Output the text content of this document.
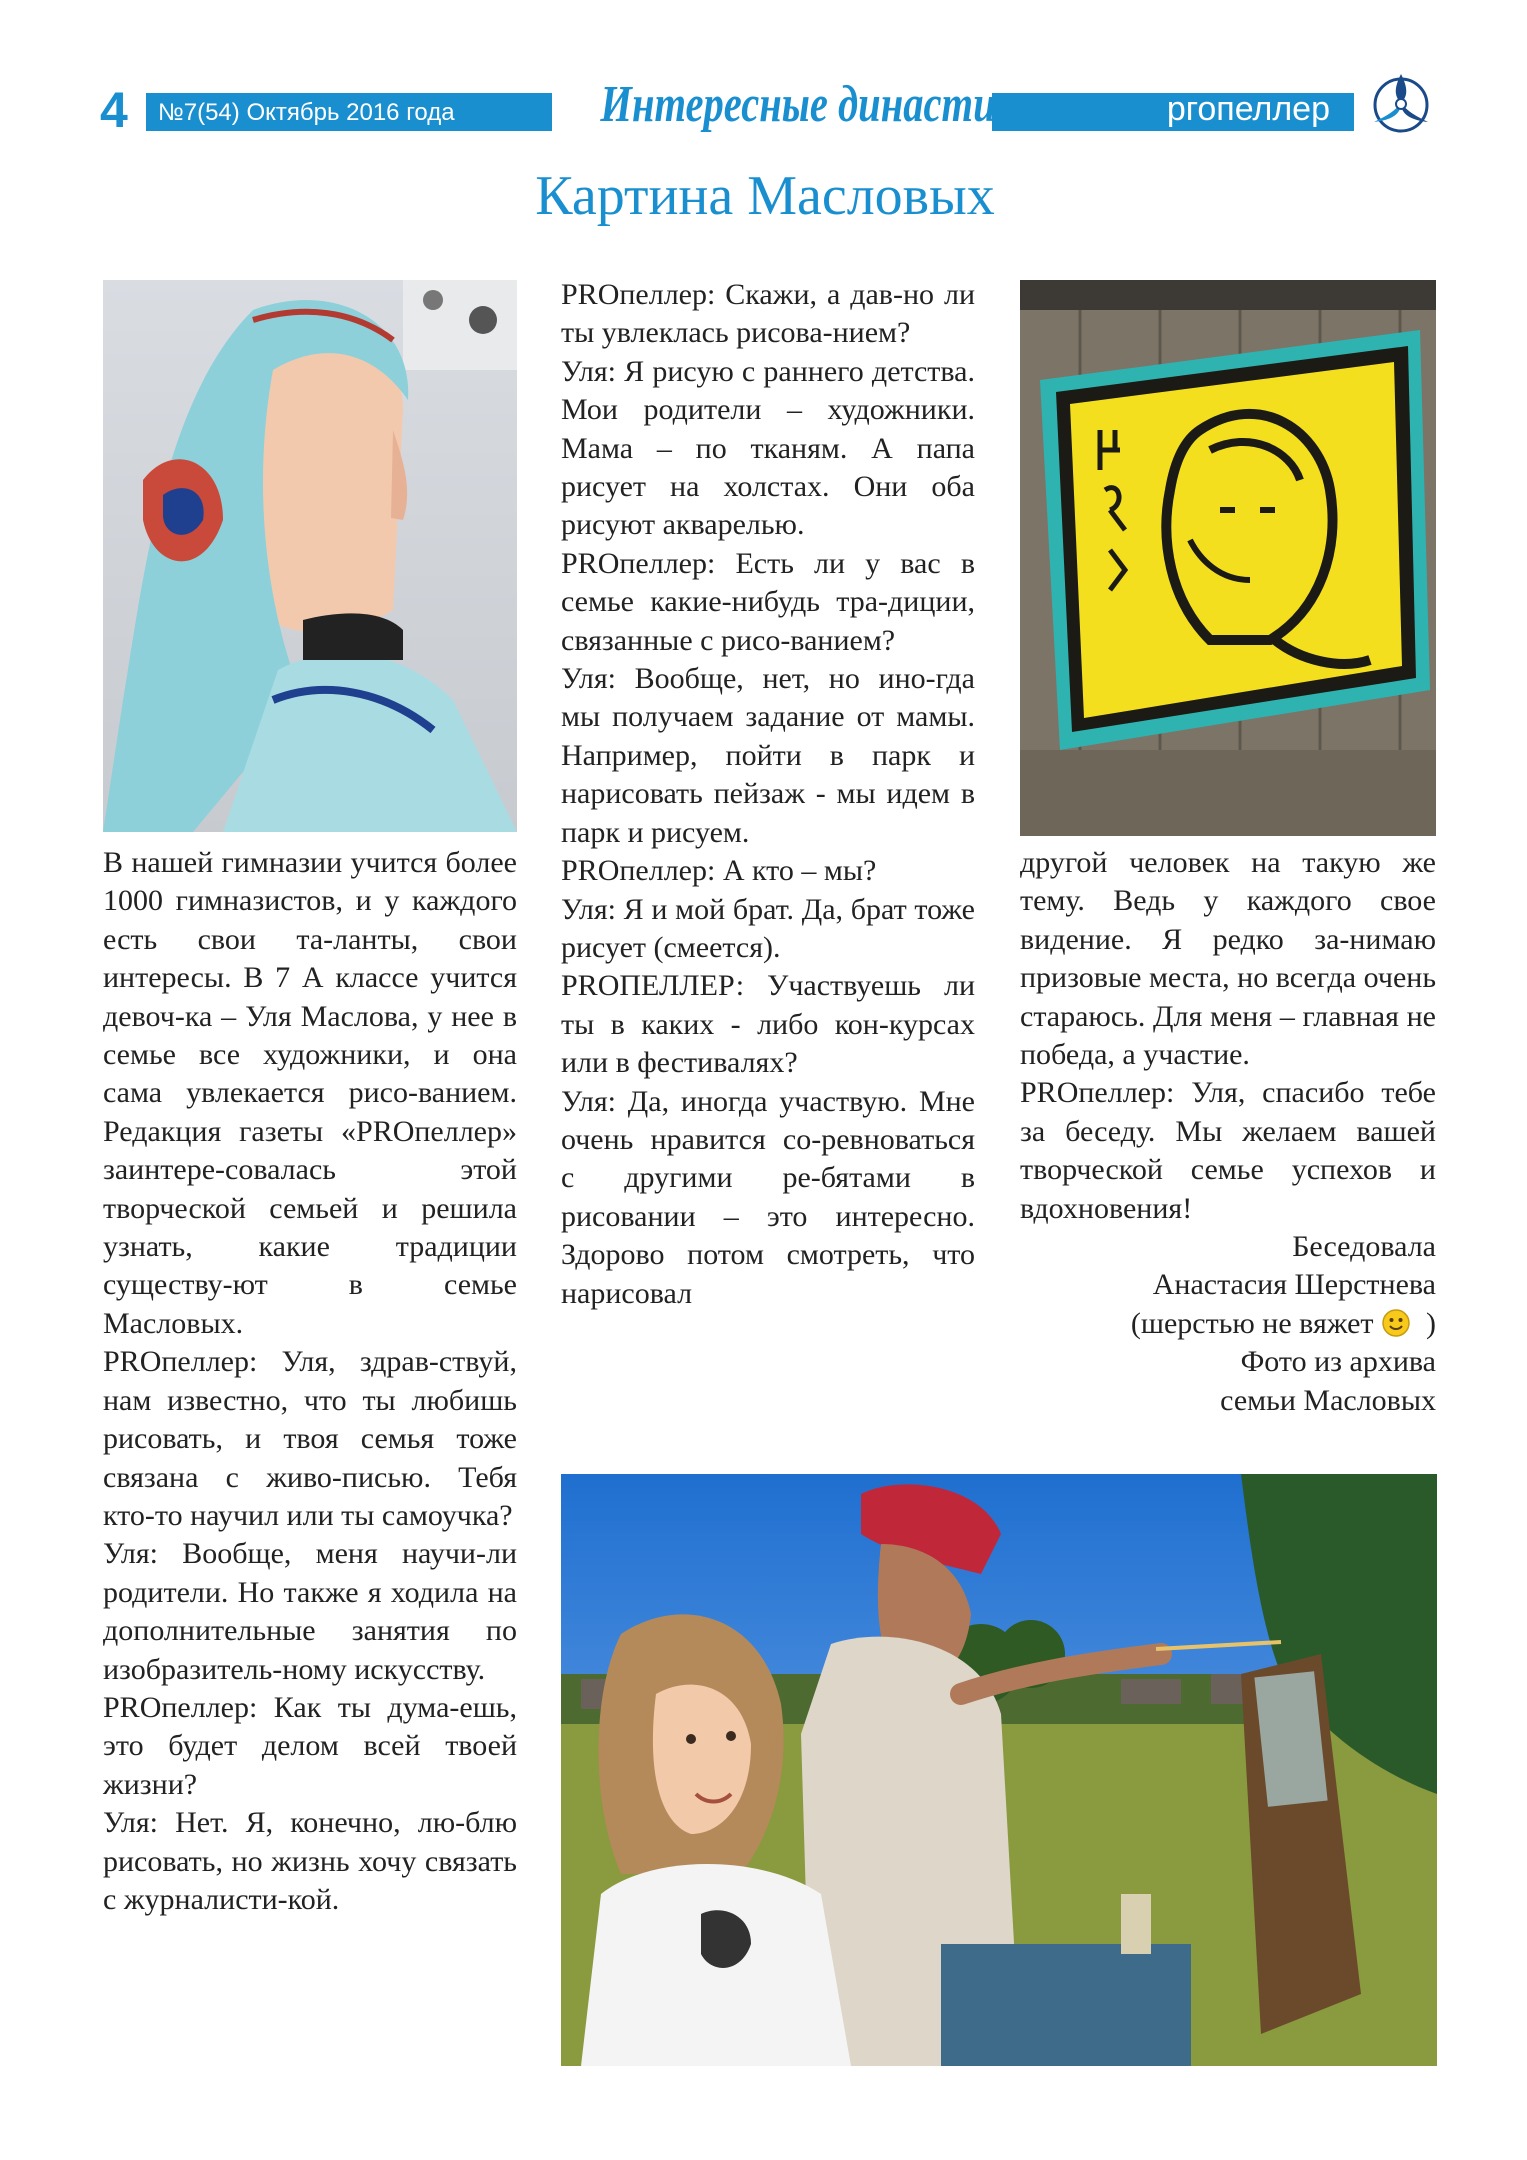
4	№7(54) Октябрь 2016 года	Интересные династии	pгопеллер
Картина Масловых

В нашей гимназии учится более 1000 гимназистов, и у каждого есть свои та-ланты, свои интересы. В 7 А классе учится девоч-ка – Уля Маслова, у нее в семье все художники, и она сама увлекается рисо-ванием. Редакция газеты «PROпеллер» заинтере-совалась этой творческой семьей и решила узнать, какие традиции существу-ют в семье Масловых.

PROпеллер: Уля, здрав-ствуй, нам известно, что ты любишь рисовать, и твоя семья тоже связана с живо-писью. Тебя кто-то научил или ты самоучка?

Уля: Вообще, меня научи-ли родители. Но также я ходила на дополнительные занятия по изобразитель-ному искусству.

PROпеллер: Как ты дума-ешь, это будет делом всей твоей жизни?

Уля: Нет. Я, конечно, лю-блю рисовать, но жизнь хочу связать с журналисти-кой.

PROпеллер: Скажи, а дав-но ли ты увлеклась рисова-нием?

Уля: Я рисую с раннего детства. Мои родители – художники. Мама – по тканям. А папа рисует на холстах. Они оба рисуют акварелью.

PROпеллер: Есть ли у вас в семье какие-нибудь тра-диции, связанные с рисо-ванием?

Уля: Вообще, нет, но ино-гда мы получаем задание от мамы. Например, пойти в парк и нарисовать пейзаж - мы идем в парк и рисуем.

PROпеллер: А кто – мы?

Уля: Я и мой брат. Да, брат тоже рисует (смеется).

PROПЕЛЛЕР: Участвуешь ли ты в каких - либо кон-курсах или в фестивалях?

Уля: Да, иногда участвую. Мне очень нравится со-ревноваться с другими ре-бятами в рисовании – это интересно. Здорово потом смотреть, что нарисовал

другой человек на такую же тему. Ведь у каждого свое видение. Я редко за-нимаю призовые места, но всегда очень стараюсь. Для меня – главная не победа, а участие.

PROпеллер: Уля, спасибо тебе за беседу. Мы желаем вашей творческой семье успехов и вдохновения!

Беседовала

Анастасия Шерстнева

(шерстью не вяжет )

Фото из архива

семьи Масловых
